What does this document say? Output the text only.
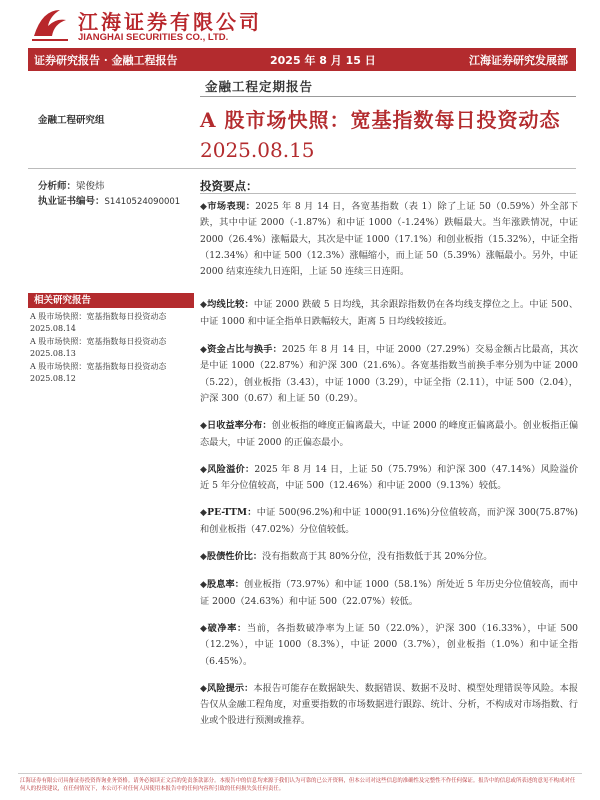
江海证券有限公司
JIANGHAI SECURITIES CO., LTD.
证券研究报告 · 金融工程报告	2025 年 8 月 15 日	江海证券研究发展部
金融工程定期报告
A 股市场快照：宽基指数每日投资动态
2025.08.15
金融工程研究组
分析师：梁俊炜
执业证书编号：S1410524090001
相关研究报告
A 股市场快照：宽基指数每日投资动态 2025.08.14
A 股市场快照：宽基指数每日投资动态 2025.08.13
A 股市场快照：宽基指数每日投资动态 2025.08.12
投资要点：

◆市场表现：2025 年 8 月 14 日，各宽基指数（表 1）除了上证 50（0.59%）外全部下跌，其中中证 2000（-1.87%）和中证 1000（-1.24%）跌幅最大。当年涨跌情况，中证 2000（26.4%）涨幅最大，其次是中证 1000（17.1%）和创业板指（15.32%），中证全指（12.34%）和中证 500（12.3%）涨幅缩小，而上证 50（5.39%）涨幅最小。另外，中证 2000 结束连续九日连阳，上证 50 连续三日连阳。

◆均线比较：中证 2000 跌破 5 日均线，其余跟踪指数仍在各均线支撑位之上。中证 500、中证 1000 和中证全指单日跌幅较大，距离 5 日均线较接近。

◆资金占比与换手：2025 年 8 月 14 日，中证 2000（27.29%）交易金额占比最高，其次是中证 1000（22.87%）和沪深 300（21.6%）。各宽基指数当前换手率分别为中证 2000（5.22），创业板指（3.43），中证 1000（3.29），中证全指（2.11），中证 500（2.04），沪深 300（0.67）和上证 50（0.29）。

◆日收益率分布：创业板指的峰度正偏离最大，中证 2000 的峰度正偏离最小。创业板指正偏态最大，中证 2000 的正偏态最小。

◆风险溢价：2025 年 8 月 14 日，上证 50（75.79%）和沪深 300（47.14%）风险溢价近 5 年分位值较高，中证 500（12.46%）和中证 2000（9.13%）较低。

◆PE-TTM：中证 500(96.2%)和中证 1000(91.16%)分位值较高，而沪深 300(75.87%)和创业板指（47.02%）分位值较低。

◆股债性价比：没有指数高于其 80%分位，没有指数低于其 20%分位。

◆股息率：创业板指（73.97%）和中证 1000（58.1%）所处近 5 年历史分位值较高，而中证 2000（24.63%）和中证 500（22.07%）较低。

◆破净率：当前，各指数破净率为上证 50（22.0%），沪深 300（16.33%），中证 500（12.2%），中证 1000（8.3%），中证 2000（3.7%），创业板指（1.0%）和中证全指（6.45%）。

◆风险提示：本报告可能存在数据缺失、数据错误、数据不及时、模型处理错误等风险。本报告仅从金融工程角度，对重要指数的市场数据进行跟踪、统计、分析，不构成对市场指数、行业或个股进行预测或推荐。

江海证券有限公司具备证券投资咨询业务资格。请务必阅读正文后的免责条款部分。本报告中的信息均来源于我们认为可靠的已公开资料，但本公司对这些信息的准确性及完整性不作任何保证。报告中的信息或所表述的意见不构成对任何人的投资建议，在任何情况下，本公司不对任何人因使用本报告中的任何内容所引致的任何损失负任何责任。
